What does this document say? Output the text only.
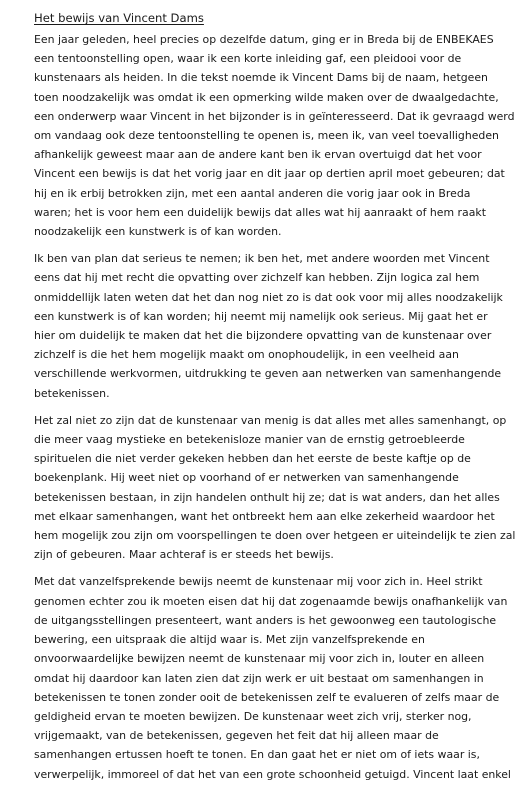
Het bewijs van Vincent Dams
Een jaar geleden, heel precies op dezelfde datum, ging er in Breda bij de ENBEKAES
een tentoonstelling open, waar ik een korte inleiding gaf, een pleidooi voor de
kunstenaars als heiden. In die tekst noemde ik Vincent Dams bij de naam, hetgeen
toen noodzakelijk was omdat ik een opmerking wilde maken over de dwaalgedachte,
een onderwerp waar Vincent in het bijzonder is in geïnteresseerd. Dat ik gevraagd werd
om vandaag ook deze tentoonstelling te openen is, meen ik, van veel toevalligheden
afhankelijk geweest maar aan de andere kant ben ik ervan overtuigd dat het voor
Vincent een bewijs is dat het vorig jaar en dit jaar op dertien april moet gebeuren; dat
hij en ik erbij betrokken zijn, met een aantal anderen die vorig jaar ook in Breda
waren; het is voor hem een duidelijk bewijs dat alles wat hij aanraakt of hem raakt
noodzakelijk een kunstwerk is of kan worden.
Ik ben van plan dat serieus te nemen; ik ben het, met andere woorden met Vincent
eens dat hij met recht die opvatting over zichzelf kan hebben. Zijn logica zal hem
onmiddellijk laten weten dat het dan nog niet zo is dat ook voor mij alles noodzakelijk
een kunstwerk is of kan worden; hij neemt mij namelijk ook serieus. Mij gaat het er
hier om duidelijk te maken dat het die bijzondere opvatting van de kunstenaar over
zichzelf is die het hem mogelijk maakt om onophoudelijk, in een veelheid aan
verschillende werkvormen, uitdrukking te geven aan netwerken van samenhangende
betekenissen.
Het zal niet zo zijn dat de kunstenaar van menig is dat alles met alles samenhangt, op
die meer vaag mystieke en betekenisloze manier van de ernstig getroebleerde
spirituelen die niet verder gekeken hebben dan het eerste de beste kaftje op de
boekenplank. Hij weet niet op voorhand of er netwerken van samenhangende
betekenissen bestaan, in zijn handelen onthult hij ze; dat is wat anders, dan het alles
met elkaar samenhangen, want het ontbreekt hem aan elke zekerheid waardoor het
hem mogelijk zou zijn om voorspellingen te doen over hetgeen er uiteindelijk te zien zal
zijn of gebeuren. Maar achteraf is er steeds het bewijs.
Met dat vanzelfsprekende bewijs neemt de kunstenaar mij voor zich in. Heel strikt
genomen echter zou ik moeten eisen dat hij dat zogenaamde bewijs onafhankelijk van
de uitgangsstellingen presenteert, want anders is het gewoonweg een tautologische
bewering, een uitspraak die altijd waar is. Met zijn vanzelfsprekende en
onvoorwaardelijke bewijzen neemt de kunstenaar mij voor zich in, louter en alleen
omdat hij daardoor kan laten zien dat zijn werk er uit bestaat om samenhangen in
betekenissen te tonen zonder ooit de betekenissen zelf te evalueren of zelfs maar de
geldigheid ervan te moeten bewijzen. De kunstenaar weet zich vrij, sterker nog,
vrijgemaakt, van de betekenissen, gegeven het feit dat hij alleen maar de
samenhangen ertussen hoeft te tonen. En dan gaat het er niet om of iets waar is,
verwerpelijk, immoreel of dat het van een grote schoonheid getuigd. Vincent laat enkel
